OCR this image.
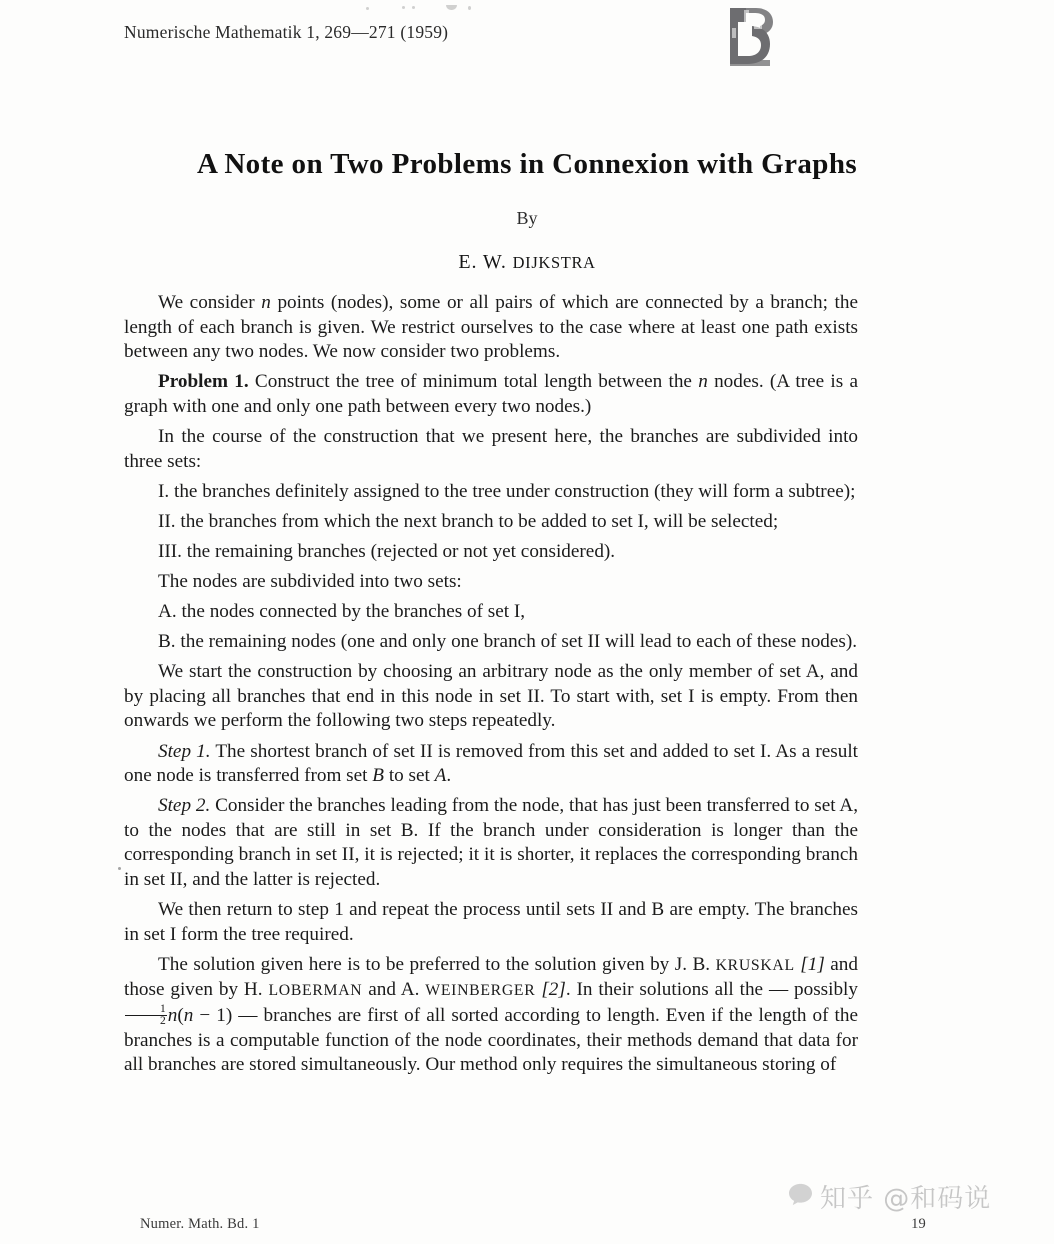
Numerische Mathematik 1, 269—271 (1959)
A Note on Two Problems in Connexion with Graphs
By
E. W. DIJKSTRA

We consider n points (nodes), some or all pairs of which are connected by a branch; the length of each branch is given. We restrict ourselves to the case where at least one path exists between any two nodes. We now consider two problems.

Problem 1. Construct the tree of minimum total length between the n nodes. (A tree is a graph with one and only one path between every two nodes.)

In the course of the construction that we present here, the branches are subdivided into three sets:

I. the branches definitely assigned to the tree under construction (they will form a subtree);

II. the branches from which the next branch to be added to set I, will be selected;

III. the remaining branches (rejected or not yet considered).

The nodes are subdivided into two sets:

A. the nodes connected by the branches of set I,

B. the remaining nodes (one and only one branch of set II will lead to each of these nodes).

We start the construction by choosing an arbitrary node as the only member of set A, and by placing all branches that end in this node in set II. To start with, set I is empty. From then onwards we perform the following two steps repeatedly.

Step 1. The shortest branch of set II is removed from this set and added to set I. As a result one node is transferred from set B to set A.

Step 2. Consider the branches leading from the node, that has just been transferred to set A, to the nodes that are still in set B. If the branch under consideration is longer than the corresponding branch in set II, it is rejected; it it is shorter, it replaces the corresponding branch in set II, and the latter is rejected.

We then return to step 1 and repeat the process until sets II and B are empty. The branches in set I form the tree required.

The solution given here is to be preferred to the solution given by J. B. KRUSKAL [1] and those given by H. LOBERMAN and A. WEINBERGER [2]. In their solutions all the — possibly
$\frac{1}{2} n(n - 1)$ — branches are first of all sorted according to length. Even if the length of the branches is a computable function of the node coordinates, their methods demand that data for all branches are stored simultaneously. Our method only requires the simultaneous storing of

Numer. Math. Bd. 1	19
知乎 @和码说
